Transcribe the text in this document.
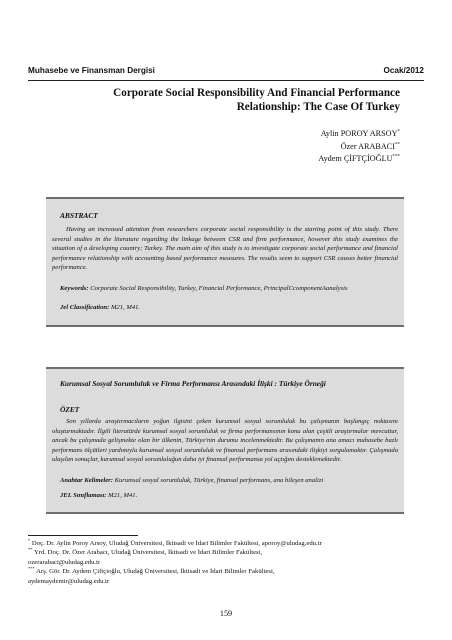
Muhasebe ve Finansman Dergisi	Ocak/2012
Corporate Social Responsibility And Financial Performance Relationship: The Case Of Turkey
Aylin POROY ARSOY*
Özer ARABACI**
Aydem ÇİFTÇİOĞLU***
ABSTRACT
Having an increased attention from researchers corporate social responsibility is the starting point of this study. There several studies in the literature regarding the linkage between CSR and firm performance, however this study examines the situation of a developing country; Turkey. The main aim of this study is to investigate corporate social performance and financial performance relationship with accounting based performance measures. The results seem to support CSR causes better financial performance.
Keywords: Corporate Social Responsibility, Turkey, Financial Performance, PrincipalCcomponentAanalysis
Jel Classification: M21, M41.
Kurumsal Sosyal Sorumluluk ve Firma Performansı Arasındaki İlişki : Türkiye Örneği
ÖZET
Son yıllarda araştırmacıların yoğun ilgisini çeken kurumsal sosyal sorumluluk bu çalışmanın başlangıç noktasını oluşturmaktadır. İlgili literatürde kurumsal sosyal sorumluluk ve firma performansının konu alan çeşitli araştırmalar mevcuttur, ancak bu çalışmada gelişmekte olan bir ülkenin, Türkiye'nin durumu incelenmektedir. Bu çalışmanın ana amacı muhasebe bazlı performans ölçütleri yardımıyla kurumsal sosyal sorumluluk ve finansal performans arasındaki ilişkiyi sorgulamaktır. Çalışmada ulaşılan sonuçlar, kurumsal sosyal sorumluluğun daha iyi finansal performansa yol açtığını desteklemektedir.
Anahtar Kelimeler: Kurumsal sosyal sorumluluk, Türkiye, finansal performans, ana bileşen analizi
JEL Sınıflaması: M21, M41.
* Doç. Dr. Aylin Poroy Arsoy, Uludağ Üniversitesi, İktisadi ve İdari Bilimler Fakültesi, aporoy@uludag.edu.tr
** Yrd. Doç. Dr. Özer Arabacı, Uludağ Üniversitesi, İktisadi ve İdari Bilimler Fakültesi,
ozerarabaci@uludag.edu.tr
*** Arş. Gör. Dr. Aydem Çiftçioğlu, Uludağ Üniversitesi, İktisadi ve İdari Bilimler Fakültesi,
aydemaydemir@uludag.edu.tr
159
